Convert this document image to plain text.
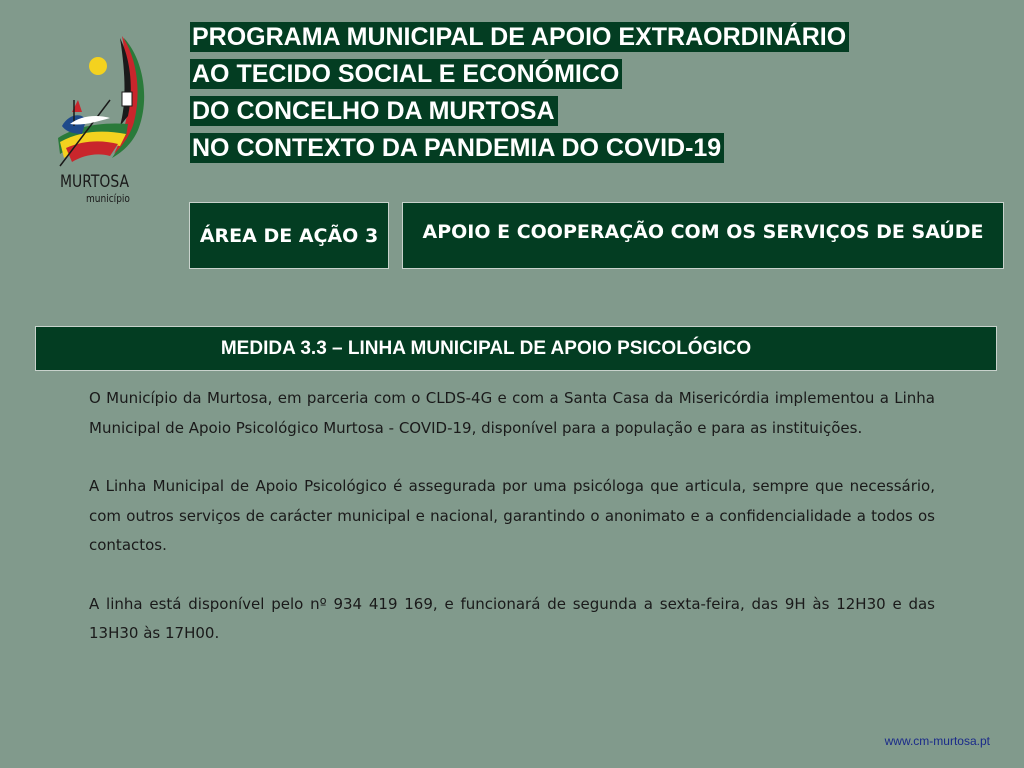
MURTOSA
município
PROGRAMA MUNICIPAL DE APOIO EXTRAORDINÁRIO
AO TECIDO SOCIAL E ECONÓMICO
DO CONCELHO DA MURTOSA
NO CONTEXTO DA PANDEMIA DO COVID-19
ÁREA DE AÇÃO 3 APOIO E COOPERAÇÃO COM OS SERVIÇOS DE SAÚDE
MEDIDA 3.3 – LINHA MUNICIPAL DE APOIO PSICOLÓGICO

O Município da Murtosa, em parceria com o CLDS-4G e com a Santa Casa da Misericórdia implementou a Linha Municipal de Apoio Psicológico Murtosa - COVID-19, disponível para a população e para as instituições.

A Linha Municipal de Apoio Psicológico é assegurada por uma psicóloga que articula, sempre que necessário, com outros serviços de carácter municipal e nacional, garantindo o anonimato e a confidencialidade a todos os contactos.

A linha está disponível pelo nº 934 419 169, e funcionará de segunda a sexta-feira, das 9H às 12H30 e das 13H30 às 17H00.

www.cm-murtosa.pt
